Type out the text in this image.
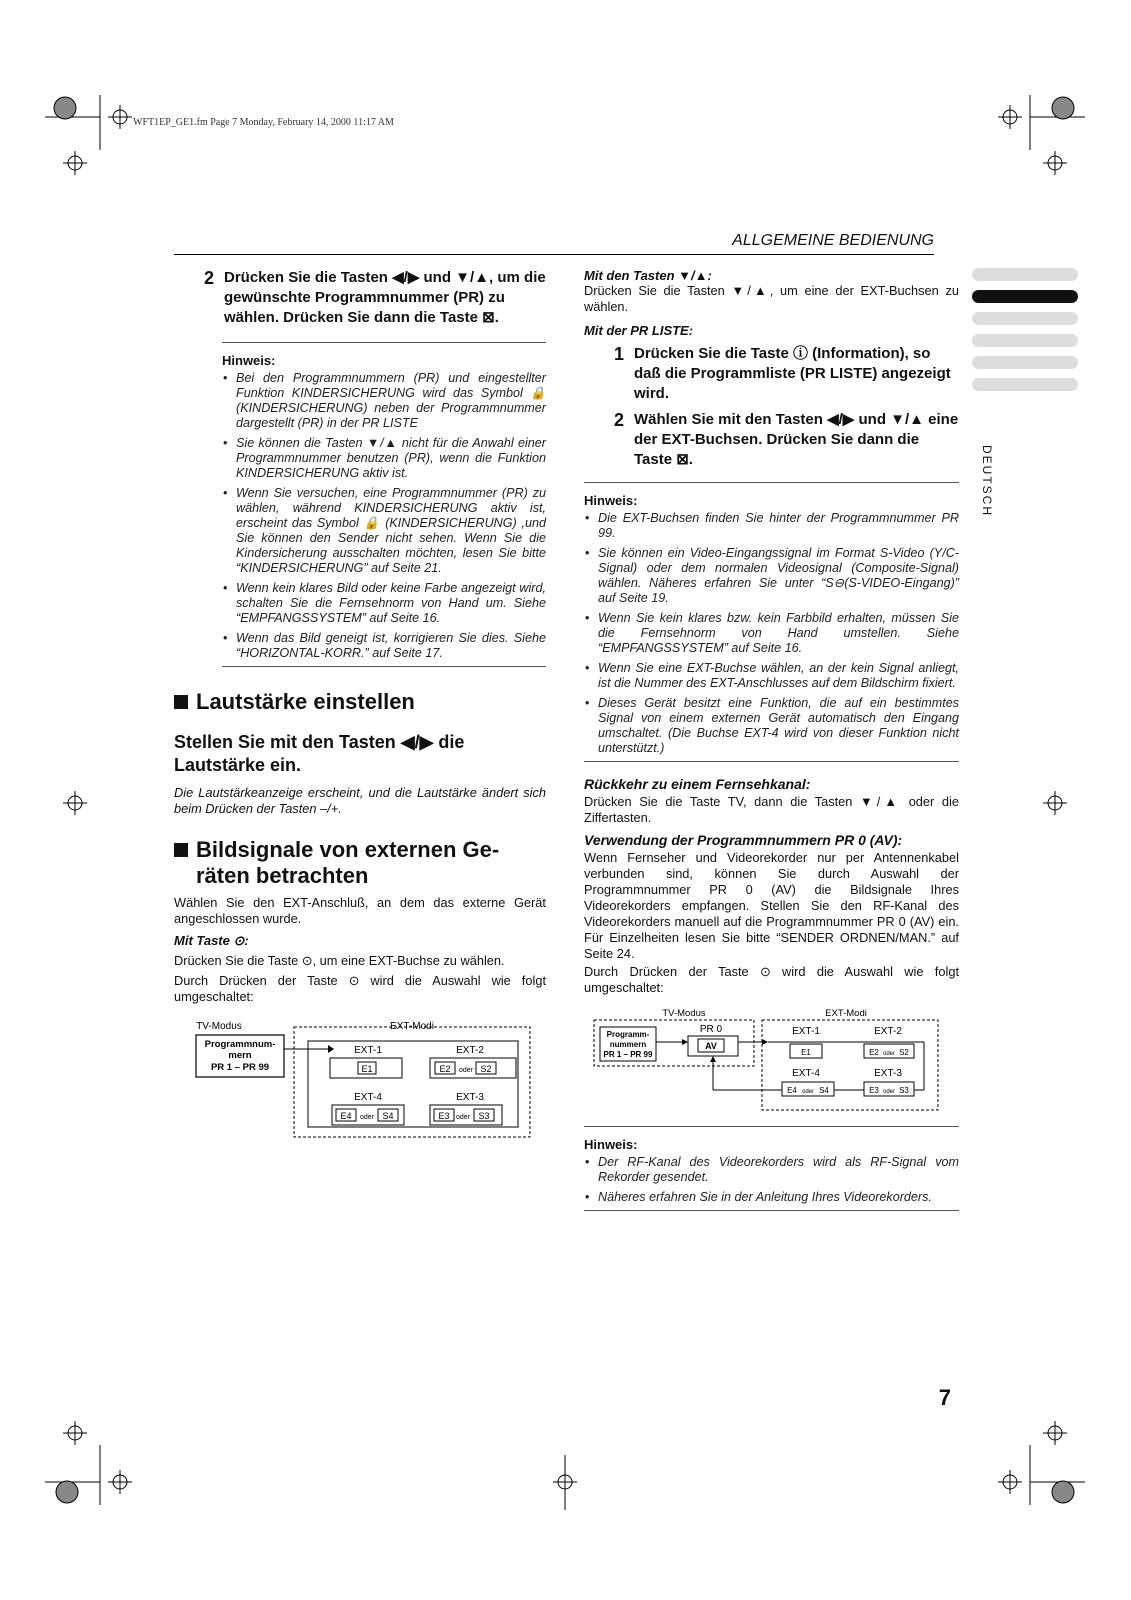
WFT1EP_GE1.fm Page 7 Monday, February 14, 2000 11:17 AM
ALLGEMEINE BEDIENUNG
DEUTSCH
2 Drücken Sie die Tasten ◀/▶ und ▼/▲, um die
gewünschte Programmnummer (PR) zu
wählen. Drücken Sie dann die Taste ⊠.
Hinweis:
• Bei den Programmnummern (PR) und eingestellter Funktion KINDERSICHERUNG wird das Symbol 🔒 (KINDERSICHERUNG) neben der Programmnummer dargestellt (PR) in der PR LISTE
• Sie können die Tasten ▼/▲ nicht für die Anwahl einer Programmnummer benutzen (PR), wenn die Funktion KINDERSICHERUNG aktiv ist.
• Wenn Sie versuchen, eine Programmnummer (PR) zu wählen, während KINDERSICHERUNG aktiv ist, erscheint das Symbol 🔒 (KINDERSICHERUNG) ,und Sie können den Sender nicht sehen. Wenn Sie die Kindersicherung ausschalten möchten, lesen Sie bitte “KINDERSICHERUNG” auf Seite 21.
• Wenn kein klares Bild oder keine Farbe angezeigt wird, schalten Sie die Fernsehnorm von Hand um. Siehe “EMPFANGSSYSTEM” auf Seite 16.
• Wenn das Bild geneigt ist, korrigieren Sie dies. Siehe “HORIZONTAL-KORR.” auf Seite 17.
Lautstärke einstellen
Stellen Sie mit den Tasten ◀/▶ die Lautstärke ein.
Die Lautstärkeanzeige erscheint, und die Lautstärke ändert sich beim Drücken der Tasten –/+.
Bildsignale von externen Ge-
räten betrachten
Wählen Sie den EXT-Anschluß, an dem das externe Gerät angeschlossen wurde.
Mit Taste ⊙:
Drücken Sie die Taste ⊙, um eine EXT-Buchse zu wählen.
Durch Drücken der Taste ⊙ wird die Auswahl wie folgt umgeschaltet:
TV-Modus	EXT-Modi
Programmnum-
mern
PR 1 – PR 99
EXT-1	EXT-2
EXT-4	EXT-3
E1	E2 oder S2
E4 oder S4	E3 oder S3
Mit den Tasten ▼/▲:
Drücken Sie die Tasten ▼/▲, um eine der EXT-Buchsen zu wählen.
Mit der PR LISTE:
1 Drücken Sie die Taste ⓘ (Information), so daß die Programmliste (PR LISTE) angezeigt wird.
2 Wählen Sie mit den Tasten ◀/▶ und ▼/▲ eine der EXT-Buchsen. Drücken Sie dann die Taste ⊠.
Hinweis:
• Die EXT-Buchsen finden Sie hinter der Programmnummer PR 99.
• Sie können ein Video-Eingangssignal im Format S-Video (Y/C-Signal) oder dem normalen Videosignal (Composite-Signal) wählen. Näheres erfahren Sie unter “S⊖(S-VIDEO-Eingang)” auf Seite 19.
• Wenn Sie kein klares bzw. kein Farbbild erhalten, müssen Sie die Fernsehnorm von Hand umstellen. Siehe “EMPFANGSSYSTEM” auf Seite 16.
• Wenn Sie eine EXT-Buchse wählen, an der kein Signal anliegt, ist die Nummer des EXT-Anschlusses auf dem Bildschirm fixiert.
• Dieses Gerät besitzt eine Funktion, die auf ein bestimmtes Signal von einem externen Gerät automatisch den Eingang umschaltet. (Die Buchse EXT-4 wird von dieser Funktion nicht unterstützt.)
Rückkehr zu einem Fernsehkanal:
Drücken Sie die Taste TV, dann die Tasten ▼/▲ oder die Ziffertasten.
Verwendung der Programmnummern PR 0 (AV):
Wenn Fernseher und Videorekorder nur per Antennenkabel verbunden sind, können Sie durch Auswahl der Programmnummer PR 0 (AV) die Bildsignale Ihres Videorekorders empfangen. Stellen Sie den RF-Kanal des Videorekorders manuell auf die Programmnummer PR 0 (AV) ein. Für Einzelheiten lesen Sie bitte “SENDER ORDNEN/MAN.” auf Seite 24.
Durch Drücken der Taste ⊙ wird die Auswahl wie folgt umgeschaltet:
TV-Modus	EXT-Modi
Programm-
nummern
PR 1 – PR 99
PR 0
AV
EXT-1	EXT-2
EXT-4	EXT-3
E1	E2 oder S2
E4 oder S4	E3 oder S3
Hinweis:
• Der RF-Kanal des Videorekorders wird als RF-Signal vom Rekorder gesendet.
• Näheres erfahren Sie in der Anleitung Ihres Videorekorders.
7
